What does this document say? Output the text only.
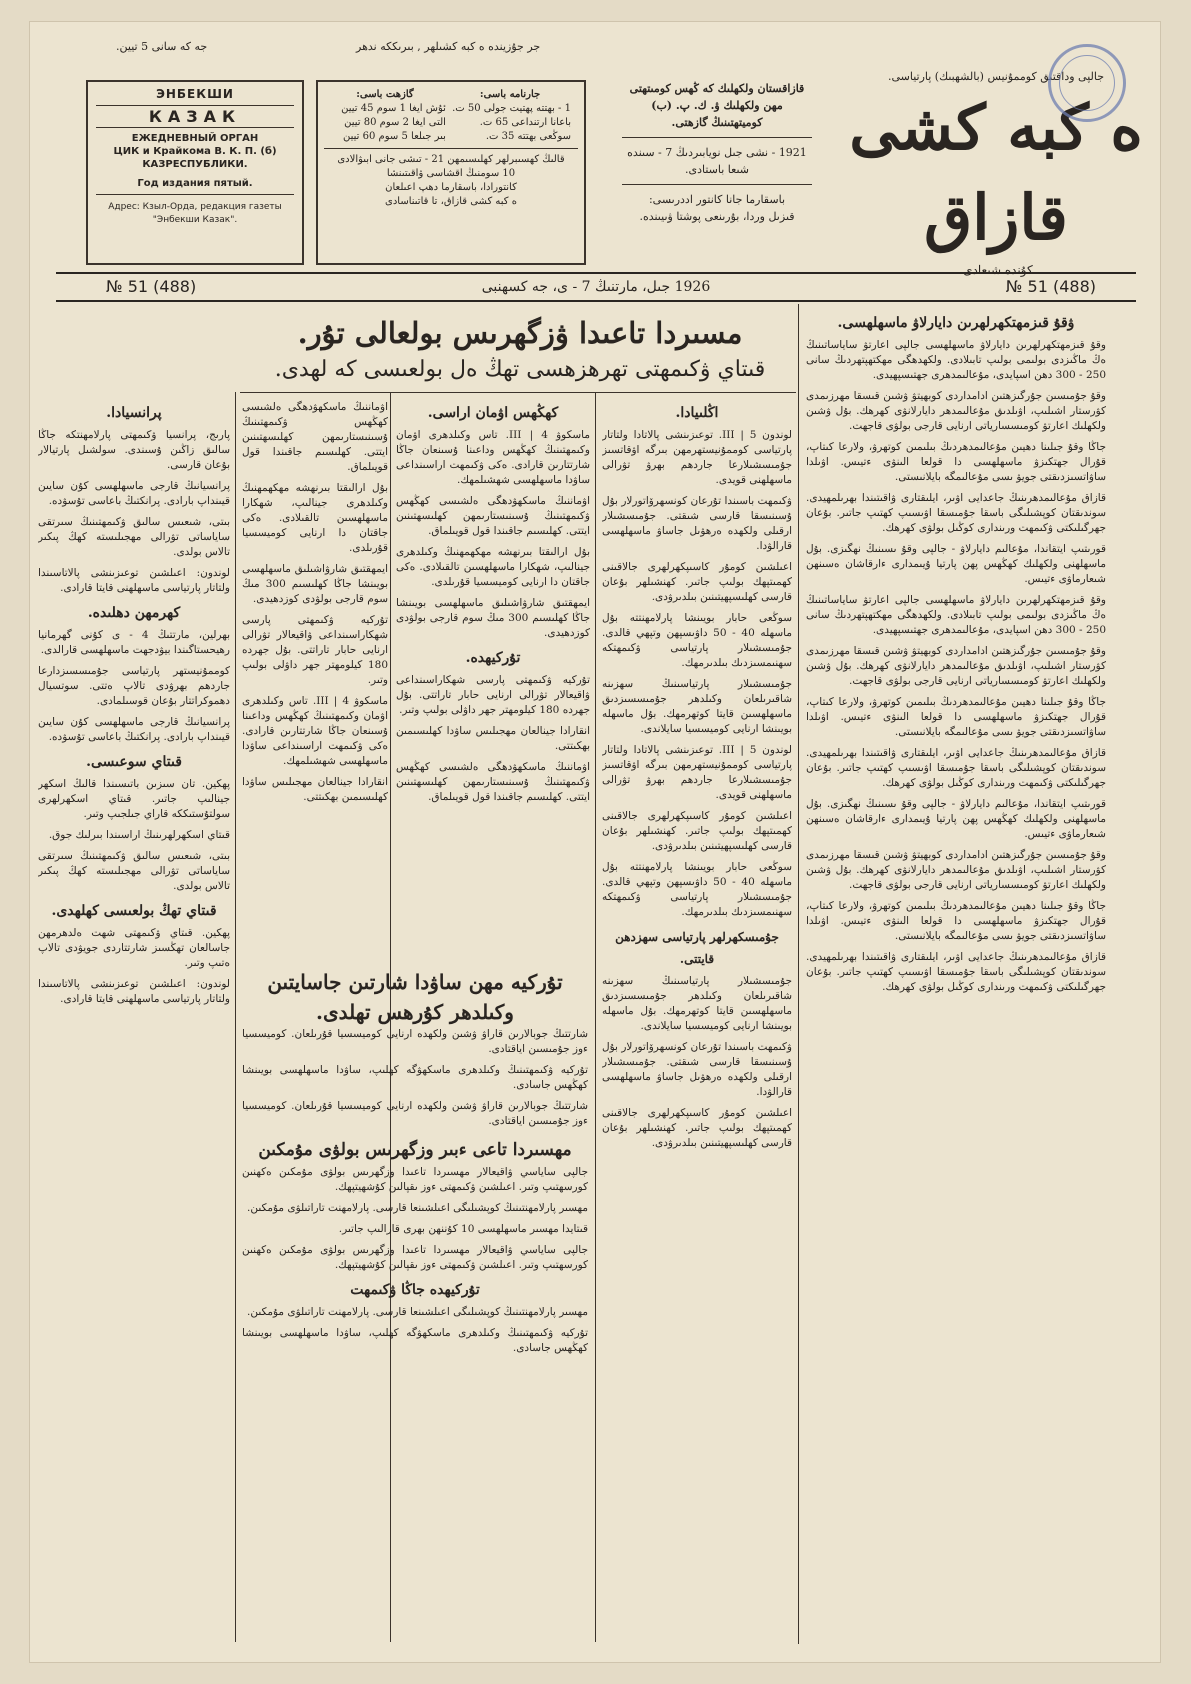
جه كه سانی 5 تیین.	جر جۇزینده ه كبه كشىلهر , بىرىككه ندهر
ЭНБЕКШИ
КАЗАК
ЕЖЕДНЕВНЫЙ ОРГАН
ЦИК и Крайкома В. К. П. (б)
КАЗРЕСПУБЛИКИ.
Год издания пятый.
Адрес: Кзыл-Орда, редакция газеты "Энбекши Казак".
گازهت باسی:
ئۇش ايغا 1 سوم 45 تیین
التی ايغا 2 سوم 80 تیین
بىر جىلعا 5 سوم 60 تیین

جارنامه باسی:
1 - بهتته پهتيت جولی 50 ت.
باعانا ارتنداعی 65 ت.
سوڭعی بهتته 35 ت.
قالىڭ كهسىبرلهر كهلىسىمهن 21 - تىشى جانى ابىۋالادى
10 سومنىڭ اقشاسى ۋاقىتىنشا
كانتورادا، باسقارما دهپ اعىلعان
ه كبه كشى قازاق، تا قاتىناسادى
قازاقستان ولكهلىك كه ڭهس كومىتهتى
مهن ولكهلىك ۋ. ك. پ. (ب)
كوميتهتىنىڭ گازهتى.
1921 - نشی جىل نويابىردىڭ 7 - سىنده
شىعا باستادى.
باسقارما جانا كانتور اددرىسى:
قىزىل وردا، بۇرىنعى پوشتا ۋىيىنده.
جالپی وداقتىق كوممۇنيس (بالشهبىك) پارتياسى.
ه كبه كشى قازاق
كۇنده شىعادى.
№ 51 (488)	1926 جىل، مارتنىڭ 7 - ی، جه كسهنبی	№ 51 (488)
مسىردا تاعىدا ۋزگهرىس بولعالى تۇر.
قىتاي ۋكىمهتی تهرهزهسی تهڭ ەل بولعىسى كه لهدى.
ۋقۇ قىزمهتكهرلهرىن دايارلاۋ ماسهلهسى.

وقۇ قىزمهتكهرلهرىن دايارلاۋ ماسهلهسى جالپى اعارتۋ ساياساتىنىڭ ەڭ ماڭىزدى بولىمى بولىپ تابىلادى. ولكهدهگى مهكتهپتهردىڭ سانى 250 - 300 دهن اسپايدى، مۇعالىمدهرى جهتىسپهيدى.

وقۇ جۇمىسىن جۇرگىزهتىن ادامداردى كوبهيتۋ ۋشىن قىسقا مهرزىمدى كۋرستار اشىلىپ، اۋىلدىق مۇعالىمدهر دايارلانۋى كهرهك. بۇل ۋشىن ولكهلىك اعارتۋ كومىسسارياتى ارنايى قارجى بولۋى قاجهت.

جاڭا وقۇ جىلىنا دهيىن مۇعالىمدهردىڭ بىلىمىن كوتهرۋ، ولارعا كىتاپ، قۇرال جهتكىزۋ ماسهلهسى دا قولعا الىنۋى ءتيىس. اۋىلدا ساۋاتسىزدىقتى جويۋ ىسى مۇعالىمگه بايلانىستى.

قازاق مۇعالىمدهرىنىڭ جاعدايى اۋىر، ايلىقتارى ۋاقىتىندا بهرىلمهيدى. سوندىقتان كوپشىلىگى باسقا جۇمىسقا اۋىسىپ كهتىپ جاتىر. بۇعان جهرگىلىكتى ۋكىمهت ورىندارى كوڭىل بولۋى كهرهك.

قورىتىپ ايتقاندا، مۇعالىم دايارلاۋ - جالپى وقۇ ىسىنىڭ نهگىزى. بۇل ماسهلهنى ولكهلىك كهڭهس پهن پارتيا ۇيىمدارى ءارقاشان ەسىنهن شىعارماۋى ءتيىس.

وقۇ قىزمهتكهرلهرىن دايارلاۋ ماسهلهسى جالپى اعارتۋ ساياساتىنىڭ ەڭ ماڭىزدى بولىمى بولىپ تابىلادى. ولكهدهگى مهكتهپتهردىڭ سانى 250 - 300 دهن اسپايدى، مۇعالىمدهرى جهتىسپهيدى.

وقۇ جۇمىسىن جۇرگىزهتىن ادامداردى كوبهيتۋ ۋشىن قىسقا مهرزىمدى كۋرستار اشىلىپ، اۋىلدىق مۇعالىمدهر دايارلانۋى كهرهك. بۇل ۋشىن ولكهلىك اعارتۋ كومىسسارياتى ارنايى قارجى بولۋى قاجهت.

جاڭا وقۇ جىلىنا دهيىن مۇعالىمدهردىڭ بىلىمىن كوتهرۋ، ولارعا كىتاپ، قۇرال جهتكىزۋ ماسهلهسى دا قولعا الىنۋى ءتيىس. اۋىلدا ساۋاتسىزدىقتى جويۋ ىسى مۇعالىمگه بايلانىستى.

قازاق مۇعالىمدهرىنىڭ جاعدايى اۋىر، ايلىقتارى ۋاقىتىندا بهرىلمهيدى. سوندىقتان كوپشىلىگى باسقا جۇمىسقا اۋىسىپ كهتىپ جاتىر. بۇعان جهرگىلىكتى ۋكىمهت ورىندارى كوڭىل بولۋى كهرهك.

قورىتىپ ايتقاندا، مۇعالىم دايارلاۋ - جالپى وقۇ ىسىنىڭ نهگىزى. بۇل ماسهلهنى ولكهلىك كهڭهس پهن پارتيا ۇيىمدارى ءارقاشان ەسىنهن شىعارماۋى ءتيىس.

وقۇ جۇمىسىن جۇرگىزهتىن ادامداردى كوبهيتۋ ۋشىن قىسقا مهرزىمدى كۋرستار اشىلىپ، اۋىلدىق مۇعالىمدهر دايارلانۋى كهرهك. بۇل ۋشىن ولكهلىك اعارتۋ كومىسسارياتى ارنايى قارجى بولۋى قاجهت.

جاڭا وقۇ جىلىنا دهيىن مۇعالىمدهردىڭ بىلىمىن كوتهرۋ، ولارعا كىتاپ، قۇرال جهتكىزۋ ماسهلهسى دا قولعا الىنۋى ءتيىس. اۋىلدا ساۋاتسىزدىقتى جويۋ ىسى مۇعالىمگه بايلانىستى.

قازاق مۇعالىمدهرىنىڭ جاعدايى اۋىر، ايلىقتارى ۋاقىتىندا بهرىلمهيدى. سوندىقتان كوپشىلىگى باسقا جۇمىسقا اۋىسىپ كهتىپ جاتىر. بۇعان جهرگىلىكتى ۋكىمهت ورىندارى كوڭىل بولۋى كهرهك.

اڭلىيادا.

لوندون 5 | III. توعىزىنشى پالاتادا ولتاتار پارتياسى كوممۇنيستهرمهن بىرگه اۋقاتسىز جۇمىسشىلارعا جاردهم بهرۋ تۋرالى ماسهلهنى قويدى.

ۋكىمهت باسىندا تۇرعان كونسهرۆاتورلار بۇل ۇسىنىسقا قارسى شىقتى. جۇمىسشىلار ارقىلى ولكهده ەرهۋىل جاساۋ ماسهلهسى قارالۋدا.

اعىلشىن كومۇر كاسىپكهرلهرى جالاقىنى كهمىتپهك بولىپ جاتىر. كهنشىلهر بۇعان قارسى كهلىسپهيتىنىن بىلدىرۋدى.

سوڭعى حابار بويىنشا پارلامهنتته بۇل ماسهله 40 - 50 داۋىسپهن وتپهي قالدى. جۇمىسشىلار پارتياسى ۋكىمهتكه سهنىمسىزدىك بىلدىرمهك.

جۇمىسشىلار پارتياسىنىڭ سهزىنه شاقىرىلعان وكىلدهر جۇمىسسىزدىق ماسهلهسىن قايتا كوتهرمهك. بۇل ماسهله بويىنشا ارنايى كوميسسيا سايلاندى.

لوندون 5 | III. توعىزىنشى پالاتادا ولتاتار پارتياسى كوممۇنيستهرمهن بىرگه اۋقاتسىز جۇمىسشىلارعا جاردهم بهرۋ تۋرالى ماسهلهنى قويدى.

اعىلشىن كومۇر كاسىپكهرلهرى جالاقىنى كهمىتپهك بولىپ جاتىر. كهنشىلهر بۇعان قارسى كهلىسپهيتىنىن بىلدىرۋدى.

سوڭعى حابار بويىنشا پارلامهنتته بۇل ماسهله 40 - 50 داۋىسپهن وتپهي قالدى. جۇمىسشىلار پارتياسى ۋكىمهتكه سهنىمسىزدىك بىلدىرمهك.

جۇمىسكهرلهر پارتياسى سهزدهن قايتتى.

جۇمىسشىلار پارتياسىنىڭ سهزىنه شاقىرىلعان وكىلدهر جۇمىسسىزدىق ماسهلهسىن قايتا كوتهرمهك. بۇل ماسهله بويىنشا ارنايى كوميسسيا سايلاندى.

ۋكىمهت باسىندا تۇرعان كونسهرۆاتورلار بۇل ۇسىنىسقا قارسى شىقتى. جۇمىسشىلار ارقىلى ولكهده ەرهۋىل جاساۋ ماسهلهسى قارالۋدا.

اعىلشىن كومۇر كاسىپكهرلهرى جالاقىنى كهمىتپهك بولىپ جاتىر. كهنشىلهر بۇعان قارسى كهلىسپهيتىنىن بىلدىرۋدى.

كهڭهس اۋمان اراسى.

ماسكوۋ 4 | III. تاس وكىلدهرى اۋمان وكىمهتىنىڭ كهڭهس وداعىنا ۇسىنعان جاڭا شارتتارىن قارادى. ەكى ۋكىمهت اراسىنداعى ساۋدا ماسهلهسى شهشىلمهك.

اۋماننىڭ ماسكهۋدهگى ەلشىسى كهڭهس ۋكىمهتىنىڭ ۇسىنىستارىمهن كهلىسهتىنىن ايتتى. كهلىسىم جاقىندا قول قويىلماق.

بۇل ارالىقتا بىرنهشه مهكهمهنىڭ وكىلدهرى جينالىپ، شهكارا ماسهلهسىن تالقىلادى. ەكى جاقتان دا ارنايى كوميسسيا قۇرىلدى.

ايمهقتىق شارۋاشىلىق ماسهلهسى بويىنشا جاڭا كهلىسىم 300 مىڭ سوم قارجى بولۋدى كوزدهيدى.

تۇركيهده.

تۇركيه ۋكىمهتى پارسى شهكاراسىنداعى ۋاقيعالار تۋرالى ارنايى حابار تاراتتى. بۇل جهرده 180 كيلومهتر جهر داۋلى بولىپ وتىر.

انقارادا جينالعان مهجىلىس ساۋدا كهلىسىمىن بهكىتتى.

اۋماننىڭ ماسكهۋدهگى ەلشىسى كهڭهس ۋكىمهتىنىڭ ۇسىنىستارىمهن كهلىسهتىنىن ايتتى. كهلىسىم جاقىندا قول قويىلماق.

تۇركيه مهن ساۋدا شارتىن جاسايتىن وكىلدهر كۇرهس تهلدى.

شارتتىڭ جوبالارىن قاراۋ ۋشىن ولكهده ارنايى كوميسسيا قۇرىلعان. كوميسسيا ءوز جۇمىسىن اياقتادى.

تۇركيه ۋكىمهتىنىڭ وكىلدهرى ماسكهۋگه كهلىپ، ساۋدا ماسهلهسى بويىنشا كهڭهس جاسادى.

شارتتىڭ جوبالارىن قاراۋ ۋشىن ولكهده ارنايى كوميسسيا قۇرىلعان. كوميسسيا ءوز جۇمىسىن اياقتادى.

مهسىردا تاعى ءبىر وزگهرىس بولۋى مۇمكىن

جالپى ساياسي ۋاقيعالار مهسىردا تاعىدا وزگهرىس بولۋى مۇمكىن ەكهنىن كورسهتىپ وتىر. اعىلشىن ۋكىمهتى ءوز ىقپالىن كۇشهيتپهك.

مهسىر پارلامهنتىنىڭ كوپشىلىگى اعىلشىنعا قارسى. پارلامهنت تاراتىلۋى مۇمكىن.

قىتايدا مهسىر ماسهلهسى 10 كۇننهن بهرى قارالىپ جاتىر.

جالپى ساياسي ۋاقيعالار مهسىردا تاعىدا وزگهرىس بولۋى مۇمكىن ەكهنىن كورسهتىپ وتىر. اعىلشىن ۋكىمهتى ءوز ىقپالىن كۇشهيتپهك.

تۇركيهده جاڭا ۋكىمهت

مهسىر پارلامهنتىنىڭ كوپشىلىگى اعىلشىنعا قارسى. پارلامهنت تاراتىلۋى مۇمكىن.

تۇركيه ۋكىمهتىنىڭ وكىلدهرى ماسكهۋگه كهلىپ، ساۋدا ماسهلهسى بويىنشا كهڭهس جاسادى.

اۋماننىڭ ماسكهۋدهگى ەلشىسى كهڭهس ۋكىمهتىنىڭ ۇسىنىستارىمهن كهلىسهتىنىن ايتتى. كهلىسىم جاقىندا قول قويىلماق.

بۇل ارالىقتا بىرنهشه مهكهمهنىڭ وكىلدهرى جينالىپ، شهكارا ماسهلهسىن تالقىلادى. ەكى جاقتان دا ارنايى كوميسسيا قۇرىلدى.

ايمهقتىق شارۋاشىلىق ماسهلهسى بويىنشا جاڭا كهلىسىم 300 مىڭ سوم قارجى بولۋدى كوزدهيدى.

تۇركيه ۋكىمهتى پارسى شهكاراسىنداعى ۋاقيعالار تۋرالى ارنايى حابار تاراتتى. بۇل جهرده 180 كيلومهتر جهر داۋلى بولىپ وتىر.

ماسكوۋ 4 | III. تاس وكىلدهرى اۋمان وكىمهتىنىڭ كهڭهس وداعىنا ۇسىنعان جاڭا شارتتارىن قارادى. ەكى ۋكىمهت اراسىنداعى ساۋدا ماسهلهسى شهشىلمهك.

انقارادا جينالعان مهجىلىس ساۋدا كهلىسىمىن بهكىتتى.

پرانسيادا.

پارىج، پرانسيا ۋكىمهتى پارلامهنتكه جاڭا سالىق زاڭىن ۇسىندى. سولشىل پارتيالار بۇعان قارسى.

پرانسيانىڭ قارجى ماسهلهسى كۇن سايىن قيىنداپ بارادى. پرانكتىڭ باعاسى تۇسۋده.

بىتى، شىعىس سالىق ۋكىمهتىنىڭ سىرتقى ساياساتى تۋرالى مهجىلىسته كهڭ پىكىر تالاس بولدى.

لوندون: اعىلشىن توعىزىنشى پالاتاسىندا ولتاتار پارتياسى ماسهلهنى قايتا قارادى.

كهرمهن دهلىده.

بهرلين، مارتتىڭ 4 - ى كۇنى گهرمانيا رهيحستاگىندا بيۋدجهت ماسهلهسى قارالدى.

كوممۇنيستهر پارتياسى جۇمىسسىزدارعا جاردهم بهرۋدى تالاپ ەتتى. سوتسيال دهموكراتتار بۇعان قوسىلمادى.

پرانسيانىڭ قارجى ماسهلهسى كۇن سايىن قيىنداپ بارادى. پرانكتىڭ باعاسى تۇسۋده.

قىتاي سوعىسى.

پهكين. تان سىزىن باتىسىندا قالىڭ اسكهر جينالىپ جاتىر. قىتاي اسكهرلهرى سولتۇستىككه قاراي جىلجىپ وتىر.

قىتاي اسكهرلهرىنىڭ اراسىندا بىرلىك جوق.

بىتى، شىعىس سالىق ۋكىمهتىنىڭ سىرتقى ساياساتى تۋرالى مهجىلىسته كهڭ پىكىر تالاس بولدى.

قىتاي تهڭ بولعىسى كهلهدى.

پهكين. قىتاي ۋكىمهتى شهت ەلدهرمهن جاسالعان تهڭسىز شارتتاردى جويۋدى تالاپ ەتىپ وتىر.

لوندون: اعىلشىن توعىزىنشى پالاتاسىندا ولتاتار پارتياسى ماسهلهنى قايتا قارادى.
